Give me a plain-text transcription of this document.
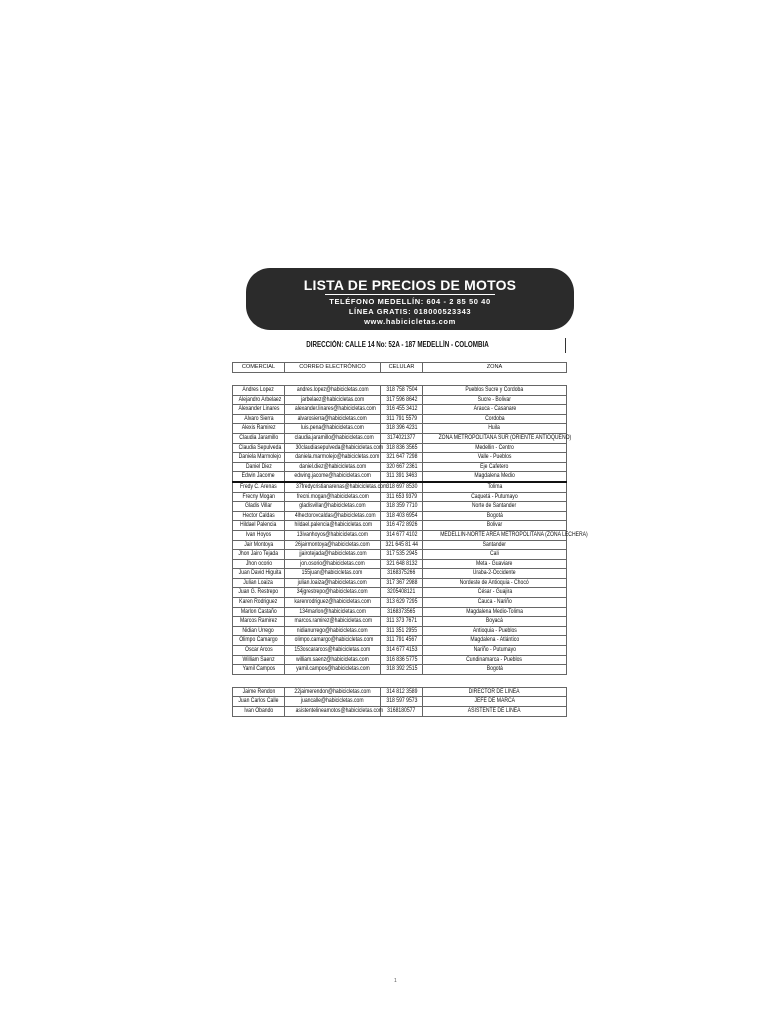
LISTA DE PRECIOS DE MOTOS
TELÉFONO MEDELLÍN: 604 - 2 85 50 40
LÍNEA GRATIS: 018000523343
www.habicicletas.com
DIRECCIÓN: CALLE 14 No: 52A - 187 MEDELLÍN - COLOMBIA
COMERCIAL	CORREO ELECTRÓNICO	CELULAR	ZONA

Andres Lopez	andres.lopez@habicicletas.com	318 758 7504	Pueblos Sucre y Cordoba
Alejandro Arbelaez	jarbelaez@habicicletas.com	317 596 8642	Sucre - Bolivar
Alexander Linares	alexander.linares@habicicletas.com	316 455 3412	Arauca - Casanare
Alvaro Sierra	alvarosierra@habicicletas.com	311 791 5579	Cordoba
Alexis Ramirez	luis.pena@habicicletas.com	318 396 4231	Huila
Claudia Jaramillo	claudia.jaramillo@habicicletas.com	3174021377	ZONA METROPOLITANA SUR (ORIENTE ANTIOQUEÑO)
Claudia Sepulveda	30claudiasepulveda@habicicletas.com	318 836 3565	Medellin - Centro
Daniela Marmolejo	daniela.marmolejo@habicicletas.com	321 647 7298	Valle - Pueblos
Daniel Diez	daniel.diez@habicicletas.com	320 667 2361	Eje Cafetero
Edwin Jacome	edwing.jacome@habicicletas.com	311 391 3463	Magdalena Medio
Fredy C. Arenas	37fredycristianarenas@habicicletas.com	318 697 8530	Tolima
Frecny Mogan	frecni.mogan@habicicletas.com	311 653 9379	Caquetá - Putumayo
Gladis Villar	gladisvillar@habicicletas.com	318 359 7710	Norte de Santander
Hector Caldas	4lhectorovcaldas@habicicletas.com	318 403 6954	Bogotá
Hildael Palencia	hildael.palencia@habicicletas.com	316 472 8926	Bolivar
Ivan Hoyos	13ivanhoyos@habicicletas.com	314 677 4102	MEDELLIN-NORTE AREA METROPOLITANA (ZONA LECHERA)
Jair Montoya	26jairmontoya@habicicletas.com	321 645 81 44	Santander
Jhon Jairo Tejada	jjairotejada@habicicletas.com	317 535 2945	Cali
Jhon ocorio	jon.osorio@habicicletas.com	321 648 8132	Meta - Guaviare
Juan David Higuita	155juan@habicicletas.com	3168375266	Uraba-2-Occidente
Julian Loaiza	julian.loaiza@habicicletas.com	317 367 2988	Nordeste de Antioquia - Chocó
Juan G. Restrepo	34jgrestrepo@habicicletas.com	3205408121	César - Guajira
Karen Rodriguez	karenrodriguez@habicicletas.com	313 629 7295	Cauca - Nariño
Marlon Castaño	134marlon@habicicletas.com	3168373565	Magdalena Medio-Tolima
Marcos Ramirez	marcos.ramirez@habicicletas.com	311 373 7671	Boyacá
Nidian Urrego	nidianurrego@habicicletas.com	311 351 2955	Antioquia - Pueblos
Olimpo Camargo	olimpo.camargo@habicicletas.com	311 791 4567	Magdalena - Atlántico
Oscar Arcos	153oscararcos@habicicletas.com	314 677 4153	Nariño - Putumayo
William Saenz	william.saenz@habicicletas.com	316 836 5775	Cundinamarca - Pueblos
Yamil Campos	yamil.campos@habicicletas.com	318 392 2515	Bogotá

Jaime Rendon	22jaimerendon@habicicletas.com	314 812 3589	DIRECTOR DE LINEA
Juan Carlos Calle	juancalle@habicicletas.com	318 597 9573	JEFE DE MARCA
Ivan Obando	asistentelineamotos@habicicletas.com	3168180577	ASISTENTE DE LINEA
1
